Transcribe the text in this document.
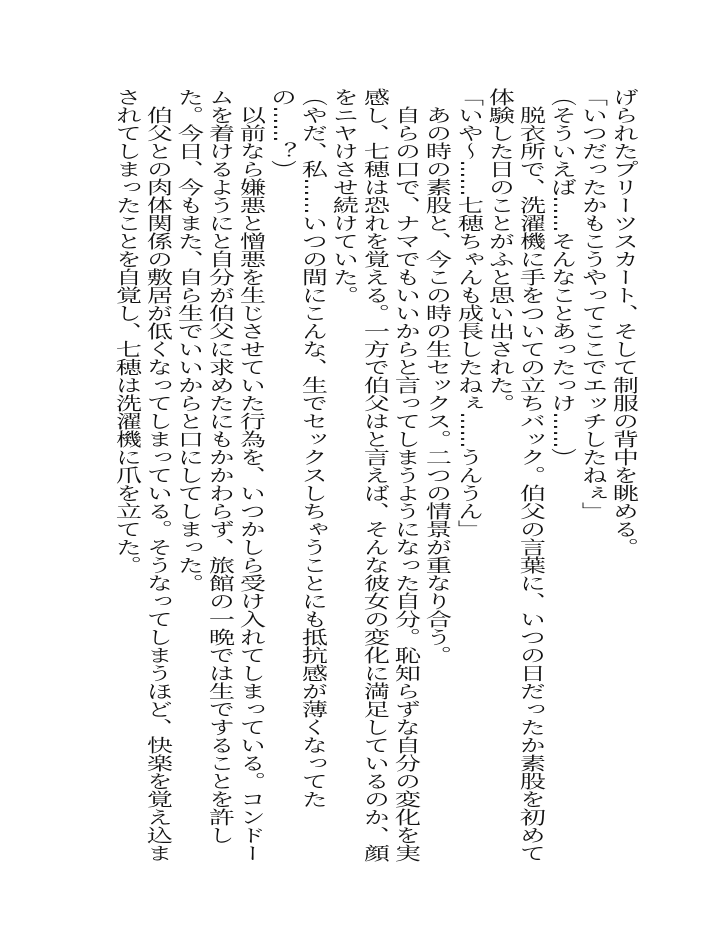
げられたプリーツスカート、そして制服の背中を眺める。
「いつだったかもこうやってここでエッチしたねぇ」
（そういえば……そんなことあったっけ……）
　脱衣所で、洗濯機に手をついての立ちバック。伯父の言葉に、いつの日だったか素股を初めて
体験した日のことがふと思い出された。
「いや～……七穂ちゃんも成長したねぇ……うんうん」
　あの時の素股と、今この時の生セックス。二つの情景が重なり合う。
　自らの口で、ナマでもいいからと言ってしまうようになった自分。恥知らずな自分の変化を実
感し、七穂は恐れを覚える。一方で伯父はと言えば、そんな彼女の変化に満足しているのか、顔
をニヤけさせ続けていた。
（やだ、私……いつの間にこんな、生でセックスしちゃうことにも抵抗感が薄くなってた
の……？）
　以前なら嫌悪と憎悪を生じさせていた行為を、いつかしら受け入れてしまっている。コンドー
ムを着けるようにと自分が伯父に求めたにもかかわらず、旅館の一晩では生ですることを許し
た。今日、今もまた、自ら生でいいからと口にしてしまった。
　伯父との肉体関係の敷居が低くなってしまっている。そうなってしまうほど、快楽を覚え込ま
されてしまったことを自覚し、七穂は洗濯機に爪を立てた。
